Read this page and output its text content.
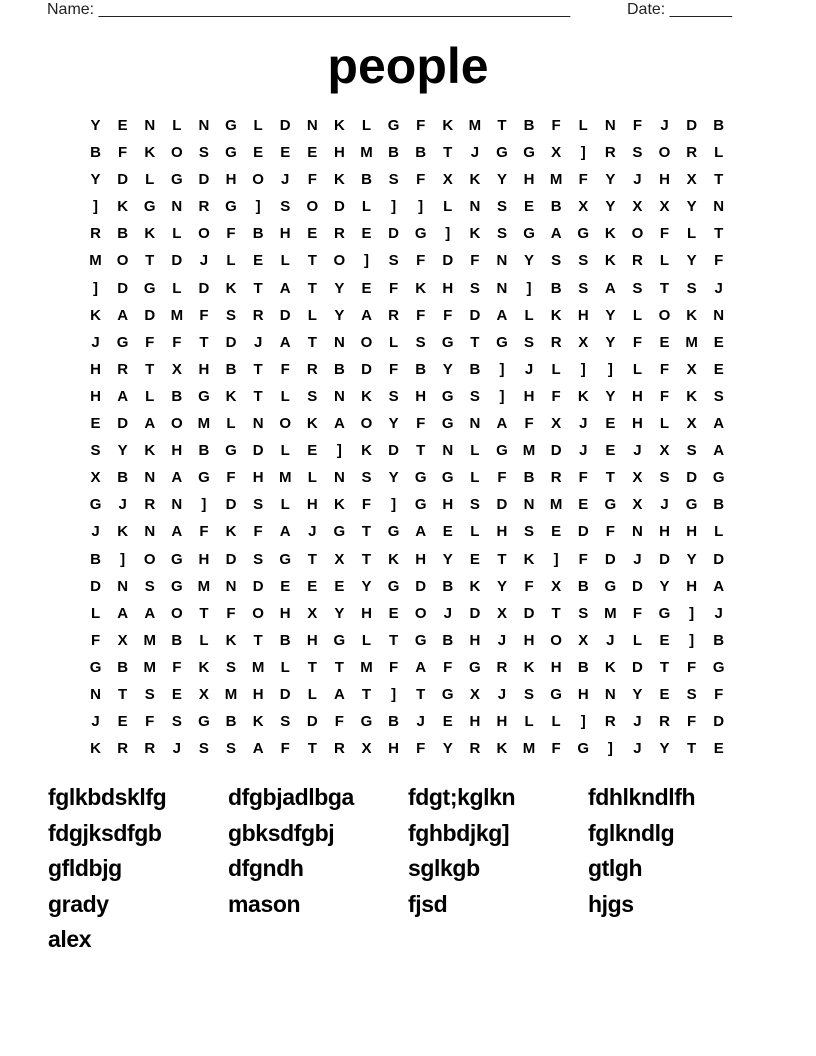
Name: _____________________________________________________	Date: _______
people
Y	E	N	L	N	G	L	D	N	K	L	G	F	K	M	T	B	F	L	N	F	J	D	B
B	F	K	O	S	G	E	E	E	H	M	B	B	T	J	G	G	X	]	R	S	O	R	L
Y	D	L	G	D	H	O	J	F	K	B	S	F	X	K	Y	H	M	F	Y	J	H	X	T
]	K	G	N	R	G	]	S	O	D	L	]	]	L	N	S	E	B	X	Y	X	X	Y	N
R	B	K	L	O	F	B	H	E	R	E	D	G	]	K	S	G	A	G	K	O	F	L	T
M	O	T	D	J	L	E	L	T	O	]	S	F	D	F	N	Y	S	S	K	R	L	Y	F
]	D	G	L	D	K	T	A	T	Y	E	F	K	H	S	N	]	B	S	A	S	T	S	J
K	A	D	M	F	S	R	D	L	Y	A	R	F	F	D	A	L	K	H	Y	L	O	K	N
J	G	F	F	T	D	J	A	T	N	O	L	S	G	T	G	S	R	X	Y	F	E	M	E
H	R	T	X	H	B	T	F	R	B	D	F	B	Y	B	]	J	L	]	]	L	F	X	E
H	A	L	B	G	K	T	L	S	N	K	S	H	G	S	]	H	F	K	Y	H	F	K	S
E	D	A	O	M	L	N	O	K	A	O	Y	F	G	N	A	F	X	J	E	H	L	X	A
S	Y	K	H	B	G	D	L	E	]	K	D	T	N	L	G	M	D	J	E	J	X	S	A
X	B	N	A	G	F	H	M	L	N	S	Y	G	G	L	F	B	R	F	T	X	S	D	G
G	J	R	N	]	D	S	L	H	K	F	]	G	H	S	D	N	M	E	G	X	J	G	B
J	K	N	A	F	K	F	A	J	G	T	G	A	E	L	H	S	E	D	F	N	H	H	L
B	]	O	G	H	D	S	G	T	X	T	K	H	Y	E	T	K	]	F	D	J	D	Y	D
D	N	S	G	M	N	D	E	E	E	Y	G	D	B	K	Y	F	X	B	G	D	Y	H	A
L	A	A	O	T	F	O	H	X	Y	H	E	O	J	D	X	D	T	S	M	F	G	]	J
F	X	M	B	L	K	T	B	H	G	L	T	G	B	H	J	H	O	X	J	L	E	]	B
G	B	M	F	K	S	M	L	T	T	M	F	A	F	G	R	K	H	B	K	D	T	F	G
N	T	S	E	X	M	H	D	L	A	T	]	T	G	X	J	S	G	H	N	Y	E	S	F
J	E	F	S	G	B	K	S	D	F	G	B	J	E	H	H	L	L	]	R	J	R	F	D
K	R	R	J	S	S	A	F	T	R	X	H	F	Y	R	K	M	F	G	]	J	Y	T	E
fglkbdsklfg	dfgbjadlbga	fdgt;kglkn	fdhlkndlfh
fdgjksdfgb	gbksdfgbj	fghbdjkg]	fglkndlg
gfldbjg	dfgndh	sglkgb	gtlgh
grady	mason	fjsd	hjgs
alex
